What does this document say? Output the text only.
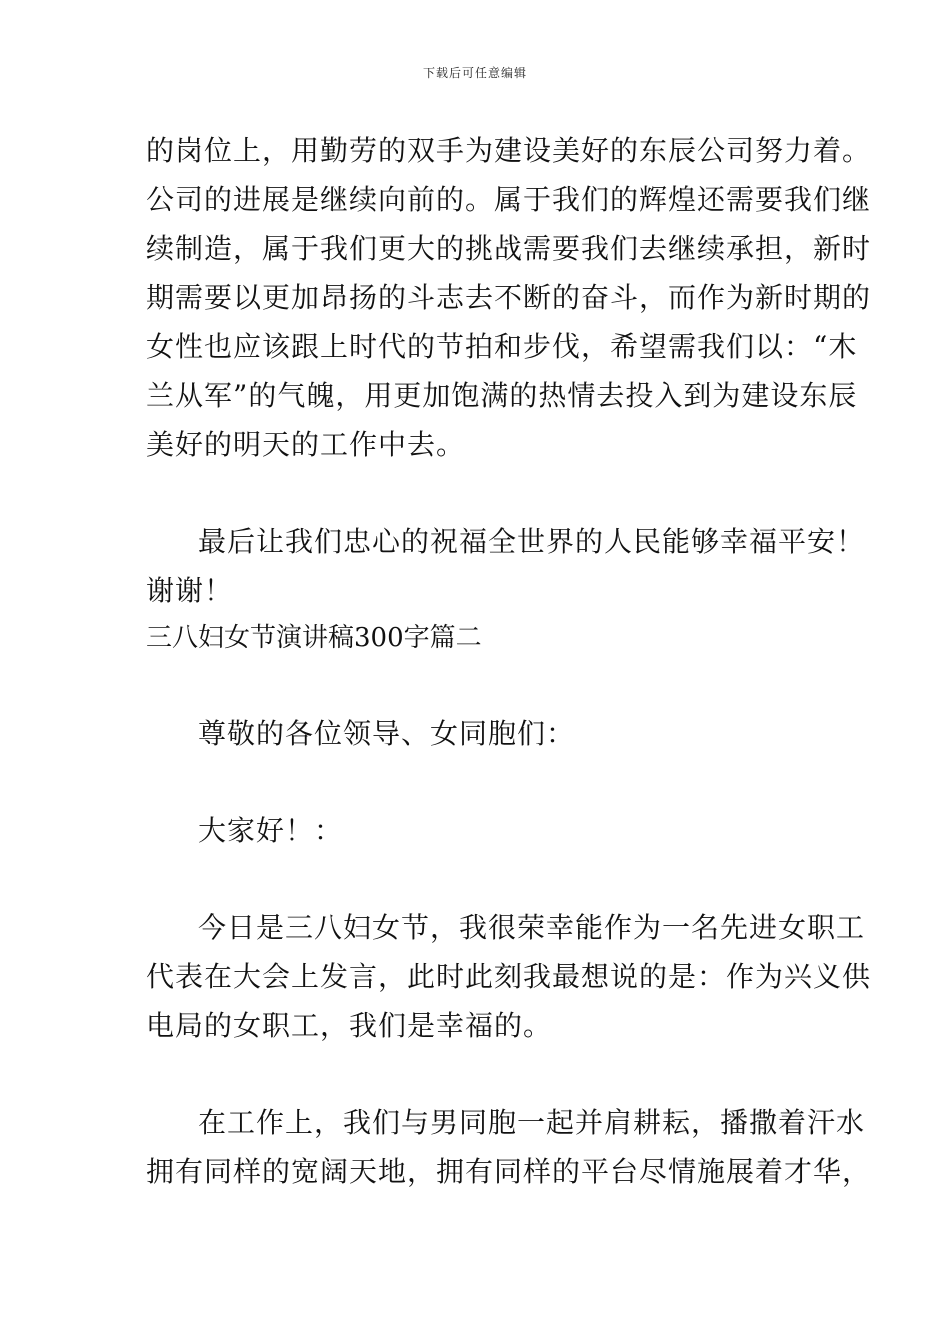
下载后可任意编辑
的岗位上，用勤劳的双手为建设美好的东辰公司努力着。
公司的进展是继续向前的。属于我们的辉煌还需要我们继
续制造，属于我们更大的挑战需要我们去继续承担，新时
期需要以更加昂扬的斗志去不断的奋斗，而作为新时期的
女性也应该跟上时代的节拍和步伐，希望需我们以：“木
兰从军”的气魄，用更加饱满的热情去投入到为建设东辰
美好的明天的工作中去。
最后让我们忠心的祝福全世界的人民能够幸福平安！
谢谢！
三八妇女节演讲稿300字篇二
尊敬的各位领导、女同胞们：
大家好！：
今日是三八妇女节，我很荣幸能作为一名先进女职工
代表在大会上发言，此时此刻我最想说的是：作为兴义供
电局的女职工，我们是幸福的。
在工作上，我们与男同胞一起并肩耕耘，播撒着汗水
拥有同样的宽阔天地，拥有同样的平台尽情施展着才华，
